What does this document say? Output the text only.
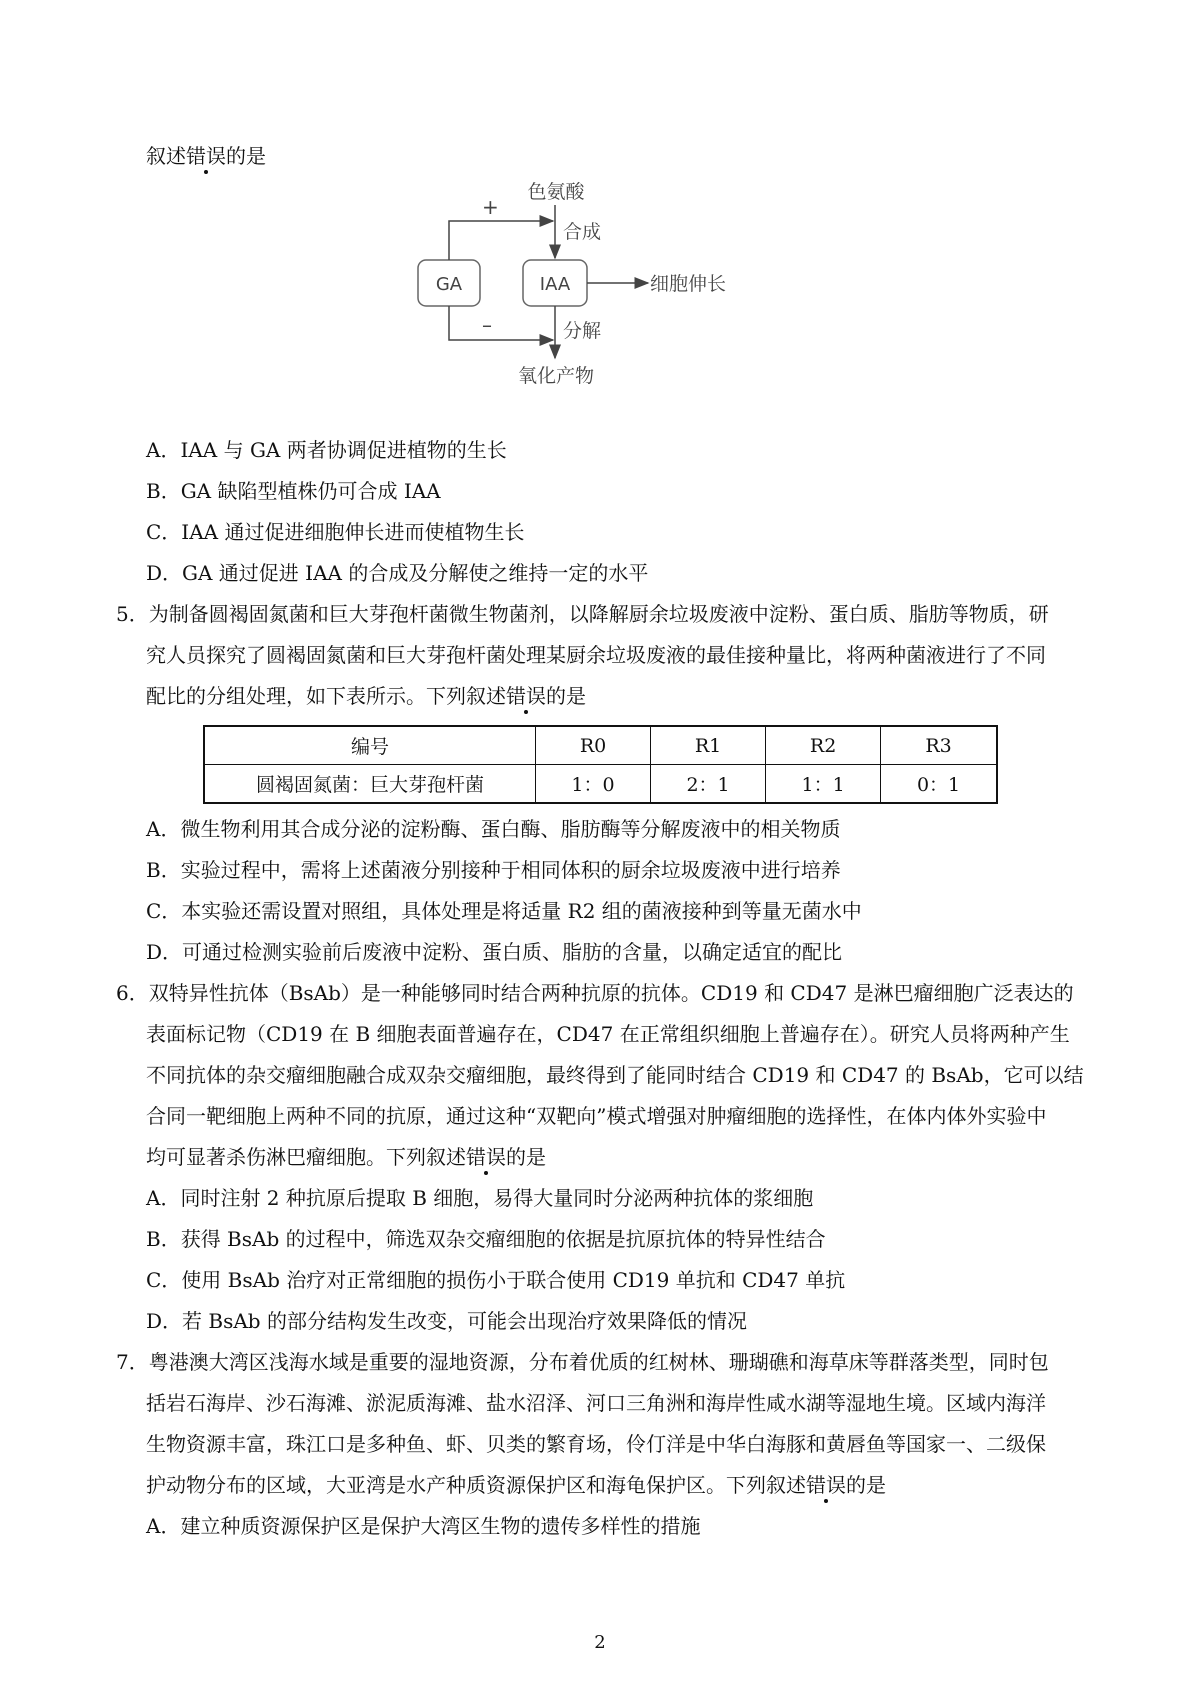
叙述错误的是
GA	IAA
色氨酸
合成
+
细胞伸长
分解
–
氧化产物
A．IAA 与 GA 两者协调促进植物的生长
B．GA 缺陷型植株仍可合成 IAA
C．IAA 通过促进细胞伸长进而使植物生长
D．GA 通过促进 IAA 的合成及分解使之维持一定的水平
5．为制备圆褐固氮菌和巨大芽孢杆菌微生物菌剂，以降解厨余垃圾废液中淀粉、蛋白质、脂肪等物质，研
究人员探究了圆褐固氮菌和巨大芽孢杆菌处理某厨余垃圾废液的最佳接种量比，将两种菌液进行了不同
配比的分组处理，如下表所示。下列叙述错误的是
编号	R0	R1	R2	R3
圆褐固氮菌：巨大芽孢杆菌	1：0	2：1	1：1	0：1
A．微生物利用其合成分泌的淀粉酶、蛋白酶、脂肪酶等分解废液中的相关物质
B．实验过程中，需将上述菌液分别接种于相同体积的厨余垃圾废液中进行培养
C．本实验还需设置对照组，具体处理是将适量 R2 组的菌液接种到等量无菌水中
D．可通过检测实验前后废液中淀粉、蛋白质、脂肪的含量，以确定适宜的配比
6．双特异性抗体（BsAb）是一种能够同时结合两种抗原的抗体。CD19 和 CD47 是淋巴瘤细胞广泛表达的
表面标记物（CD19 在 B 细胞表面普遍存在，CD47 在正常组织细胞上普遍存在）。研究人员将两种产生
不同抗体的杂交瘤细胞融合成双杂交瘤细胞，最终得到了能同时结合 CD19 和 CD47 的 BsAb，它可以结
合同一靶细胞上两种不同的抗原，通过这种“双靶向”模式增强对肿瘤细胞的选择性，在体内体外实验中
均可显著杀伤淋巴瘤细胞。下列叙述错误的是
A．同时注射 2 种抗原后提取 B 细胞，易得大量同时分泌两种抗体的浆细胞
B．获得 BsAb 的过程中，筛选双杂交瘤细胞的依据是抗原抗体的特异性结合
C．使用 BsAb 治疗对正常细胞的损伤小于联合使用 CD19 单抗和 CD47 单抗
D．若 BsAb 的部分结构发生改变，可能会出现治疗效果降低的情况
7．粤港澳大湾区浅海水域是重要的湿地资源，分布着优质的红树林、珊瑚礁和海草床等群落类型，同时包
括岩石海岸、沙石海滩、淤泥质海滩、盐水沼泽、河口三角洲和海岸性咸水湖等湿地生境。区域内海洋
生物资源丰富，珠江口是多种鱼、虾、贝类的繁育场，伶仃洋是中华白海豚和黄唇鱼等国家一、二级保
护动物分布的区域，大亚湾是水产种质资源保护区和海龟保护区。下列叙述错误的是
A．建立种质资源保护区是保护大湾区生物的遗传多样性的措施
2
